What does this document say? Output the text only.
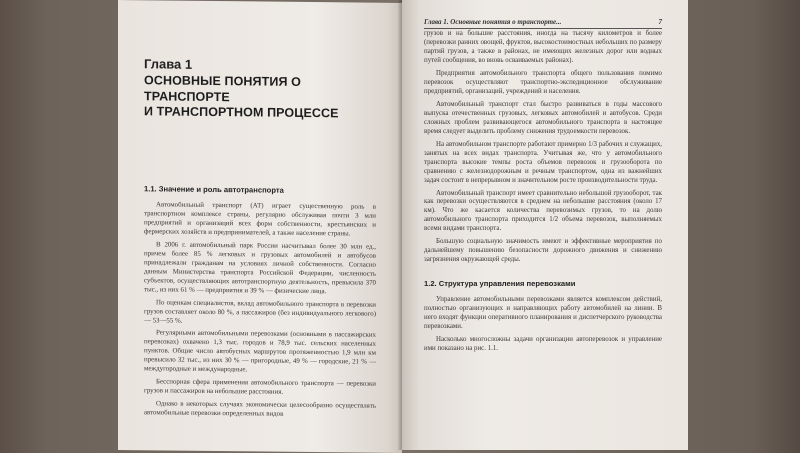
Глава 1
ОСНОВНЫЕ ПОНЯТИЯ О ТРАНСПОРТЕ
И ТРАНСПОРТНОМ ПРОЦЕССЕ
1.1. Значение и роль автотранспорта

Автомобильный транспорт (АТ) играет существенную роль в транспортном комплексе страны, регулярно обслуживая почти 3 млн предприятий и организаций всех форм собственности, крестьянских и фермерских хозяйств и предпринимателей, а также население страны.

В 2006 г. автомобильный парк России насчитывал более 30 млн ед., причем более 85 % легковых и грузовых автомобилей и автобусов принадлежали гражданам на условиях личной собственности. Согласно данным Министерства транспорта Российской Федерации, численность субъектов, осуществляющих автотранспортную деятельность, превысила 370 тыс., из них 61 % — предприятия и 39 % — физические лица.

По оценкам специалистов, вклад автомобильного транспорта в перевозки грузов составляет около 80 %, а пассажиров (без индивидуального легкового) — 53—55 %.

Регулярными автомобильными перевозками (основными в пассажирских перевозках) охвачено 1,3 тыс. городов и 78,9 тыс. сельских населенных пунктов. Общие число автобусных маршрутов протяженностью 1,9 млн км превысило 32 тыс., из них 30 % — пригородные, 49 % — городские, 21 % — междугородные и международные.

Бесспорная сфера применения автомобильного транспорта — перевозки грузов и пассажиров на небольшие расстояния.

Однако в некоторых случаях экономически целесообразно осуществлять автомобильные перевозки определенных видов

Глава 1. Основные понятия о транспорте...	7

грузов и на большие расстояния, иногда на тысячу километров и более (перевозки ранних овощей, фруктов, высокостоимостных небольших по размеру партий грузов, а также в районах, не имеющих железных дорог или водных путей сообщения, во вновь осваиваемых районах).

Предприятия автомобильного транспорта общего пользования помимо перевозок осуществляют транспортно-экспедиционное обслуживание предприятий, организаций, учреждений и населения.

Автомобильный транспорт стал быстро развиваться в годы массового выпуска отечественных грузовых, легковых автомобилей и автобусов. Среди сложных проблем развивающегося автомобильного транспорта в настоящее время следует выделить проблему снижения трудоемкости перевозок.

На автомобильном транспорте работают примерно 1/3 рабочих и служащих, занятых на всех видах транспорта. Учитывая же, что у автомобильного транспорта высокие темпы роста объемов перевозок и грузооборота по сравнению с железнодорожным и речным транспортом, одна из важнейших задач состоит в непрерывном и значительном росте производительности труда.

Автомобильный транспорт имеет сравнительно небольшой грузооборот, так как перевозки осуществляются в среднем на небольшие расстояния (около 17 км). Что же касается количества перевозимых грузов, то на долю автомобильного транспорта приходится 1/2 объема перевозок, выполняемых всеми видами транспорта.

Большую социальную значимость имеют и эффективные мероприятия по дальнейшему повышению безопасности дорожного движения и снижению загрязнения окружающей среды.

1.2. Структура управления перевозками

Управление автомобильными перевозками является комплексом действий, полностью организующих и направляющих работу автомобилей на линии. В него входят функции оперативного планирования и диспетчерского руководства перевозками.

Насколько многосложны задачи организации автоперевозок и управление ими показано на рис. 1.1.
